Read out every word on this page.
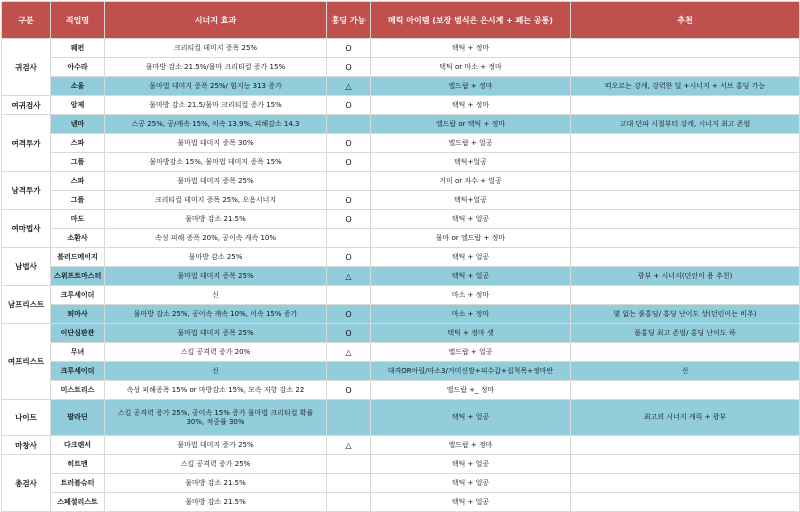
구분	직업명	시너지 효과	홍딩 가능	메릭 아이템 (보장 범식은 은시계 + 페는 공통)	추천
귀검사	웨펀	크리티컬 데미지 증폭 25%	O	택틱 + 정마	
	아수라	물마방 감소 21.5%/물마 크리티컬 증가 15%	O	택틱 or 마소 + 정마	
	소울	물마법 데미지 증폭 25%/ 힘지능 313 증가	△	엘드랍 + 정마	떠오르는 강캐, 강력한 딜 +시너지 + 서브 홍딩 가능
여귀검사	암제	물마방 감소 21.5/물마 크리티컬 증가 15%	O	택틱 + 정마	
여격투가	넨마	스공 25%, 공/캐속 15%, 이속 13.9%, 피해감소 14.3		엘드랍 or 택틱 + 정마	고대 던파 시절부터 강캐, 시너지 최고 존엄
	스파	물마법 데미지 증폭 30%	O	엘드랍 + 얼공	
	그플	물마방감소 15%, 물마법 데미지 증폭 15%	O	택틱+얼공	
남격투가	스파	물마법 데미지 증폭 25%		거미 or 자수 + 얼공	
	그플	크리티컬 데미지 증폭 25%, 오옴시너지	O	택틱+얼공	
여마법사	마도	물마방 감소 21.5%	O	택틱 + 얼공	
	소환사	속성 피해 증폭 20%, 공이속 캐속 10%		물마 or 엘드랍 + 정마	
남법사	블러드메이지	물마방 감소 25%	O	택틱 + 얼공	
	스위프트마스터	물마법 데미지 증폭 25%	△	택틱 + 얼공	광부 + 시너지(던린이 용 추천)
남프리스트	크루세이더	신		마소 + 정마	
	퇴마사	물마방 감소 25%, 공이속 캐속 10%, 이속 15% 증가	O	마소 + 정마	몇 없는 풀홍딩/ 홍딩 난이도 상(던린이는 비추)
여프리스트	이단심판관	물마법 데미지 증폭 25%	O	택틱 + 정마 셋	풀홍딩 최고 존엄/ 홍딩 난이도 하
	무녀	스킬 공격력 증가 20%	△	엘드랍 + 얼공	
	크루세이더	신		대격OR아릴/마소3/거미신발+피수갑+집척목+정마반	신
	미스트리스	속성 피해증폭 15% or 마방감소 15%, 모속 저항 감소 22	O	엘드랍 +_ 정마	
나이트	팔라딘	스킬 공격력 증가 25%, 공이속 15% 증가 물마법 크리티컬 확률 30%, 적중률 30%		택틱 + 얼공	최고의 시너지 캐릭 + 광부
마창사	다크랜서	물마법 데미지 증가 25%	△	엘드랍 + 정마	
총검사	히트맨	스킬 공격력 증가 25%		택틱 + 얼공	
	트러블슈터	물마방 감소 21.5%		택틱 + 얼공	
	스페셜리스트	물마방 감소 21.5%		택틱 + 얼공	
